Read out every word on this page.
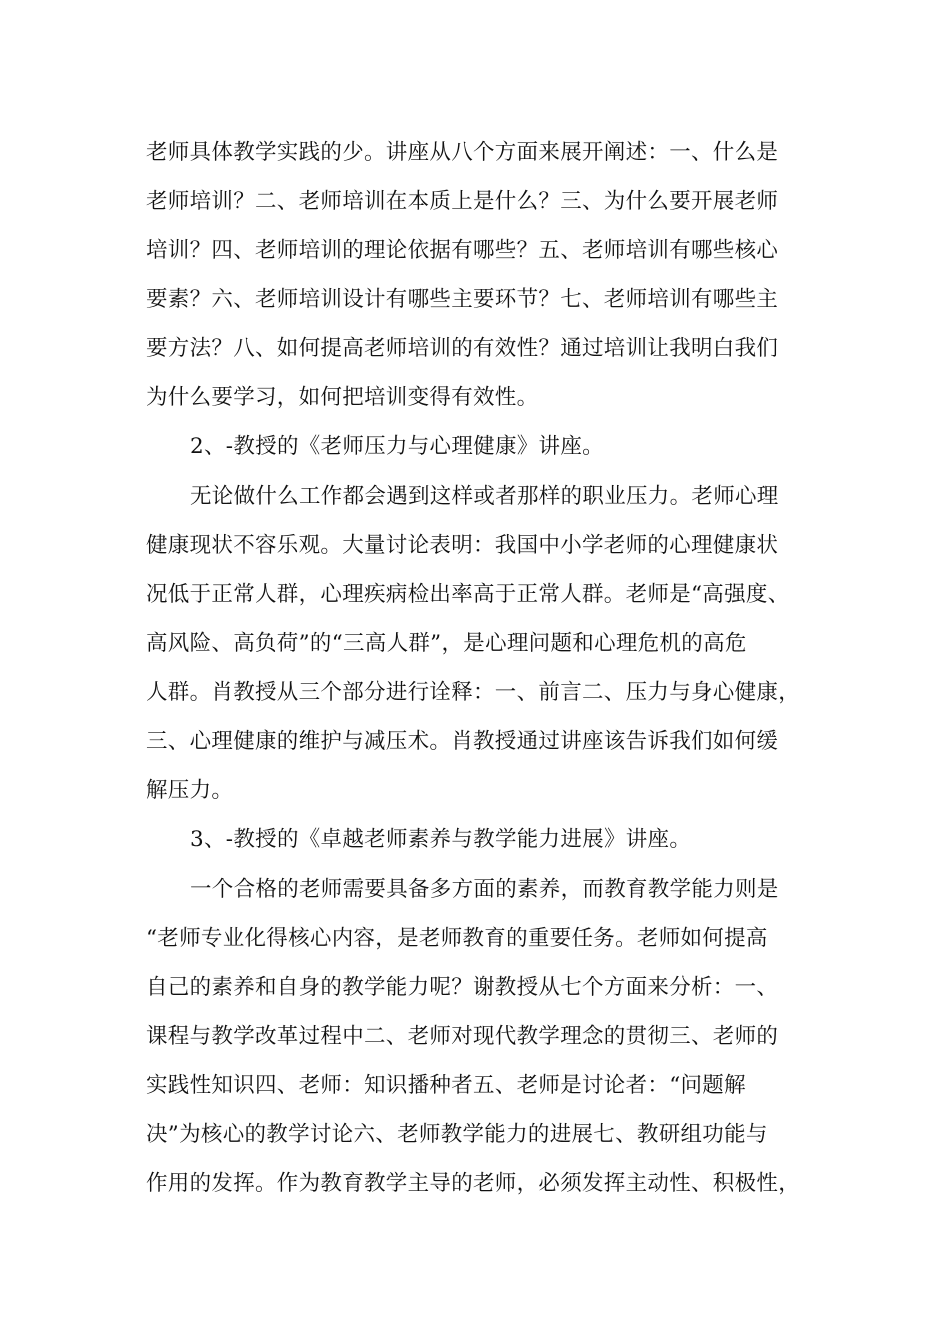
老师具体教学实践的少。讲座从八个方面来展开阐述：一、什么是
老师培训？二、老师培训在本质上是什么？三、为什么要开展老师
培训？四、老师培训的理论依据有哪些？五、老师培训有哪些核心
要素？六、老师培训设计有哪些主要环节？七、老师培训有哪些主
要方法？八、如何提高老师培训的有效性？通过培训让我明白我们
为什么要学习，如何把培训变得有效性。
2、-教授的《老师压力与心理健康》讲座。
无论做什么工作都会遇到这样或者那样的职业压力。老师心理
健康现状不容乐观。大量讨论表明：我国中小学老师的心理健康状
况低于正常人群，心理疾病检出率高于正常人群。老师是“高强度、
高风险、高负荷”的“三高人群”，是心理问题和心理危机的高危
人群。肖教授从三个部分进行诠释：一、前言二、压力与身心健康，
三、心理健康的维护与减压术。肖教授通过讲座该告诉我们如何缓
解压力。
3、-教授的《卓越老师素养与教学能力进展》讲座。
一个合格的老师需要具备多方面的素养，而教育教学能力则是
“老师专业化得核心内容，是老师教育的重要任务。老师如何提高
自己的素养和自身的教学能力呢？谢教授从七个方面来分析：一、
课程与教学改革过程中二、老师对现代教学理念的贯彻三、老师的
实践性知识四、老师：知识播种者五、老师是讨论者：“问题解
决”为核心的教学讨论六、老师教学能力的进展七、教研组功能与
作用的发挥。作为教育教学主导的老师，必须发挥主动性、积极性，
